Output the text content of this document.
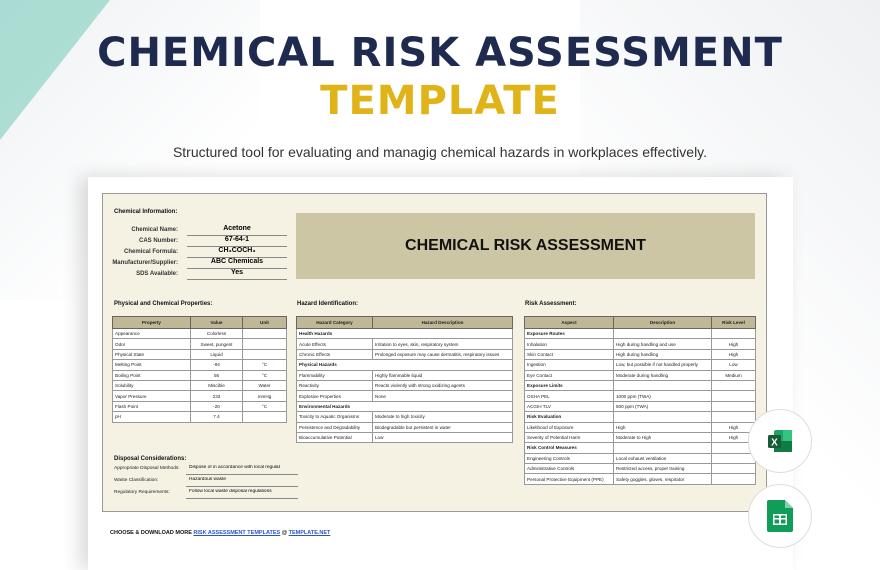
CHEMICAL RISK ASSESSMENT
TEMPLATE
Structured tool for evaluating and managig chemical hazards in workplaces effectively.
Chemical Information:
Chemical Name:	Acetone
CAS Number:	67-64-1
Chemical Formula:	CH₃COCH₃
Manufacturer/Supplier:	ABC Chemicals
SDS Available:	Yes
CHEMICAL RISK ASSESSMENT
Physical and Chemical Properties:
Property	Value	Unit
Appearance	Colorless	
Odor	Sweet, pungent	
Physical State	Liquid	
Melting Point	-94	°C
Boiling Point	56	°C
Solubility	Miscible	Water
Vapor Pressure	233	mmHg
Flash Point	-20	°C
pH	7.4	
Hazard Identification:
Hazard Category	Hazard Description
Health Hazards	
Acute Effects	Irritation to eyes, skin, respiratory system
Chronic Effects	Prolonged exposure may cause dermatitis, respiratory issues
Physical Hazards	
Flammability	Highly flammable liquid
Reactivity	Reacts violently with strong oxidizing agents
Explosive Properties	None
Environmental Hazards	
Toxicity to Aquatic Organisms	Moderate to high toxicity
Persistence and Degradability	Biodegradable but persistent in water
Bioaccumulative Potential	Low
Risk Assessment:
Aspect	Description	Risk Level
Exposure Routes		
Inhalation	High during handling and use	High
Skin Contact	High during handling	High
Ingestion	Low, but possible if not handled properly	Low
Eye Contact	Moderate during handling	Medium
Exposure Limits		
OSHA PEL	1000 ppm (TWA)	
ACGIH TLV	500 ppm (TWA)	
Risk Evaluation		
Likelihood of Exposure	High	High
Severity of Potential Harm	Moderate to High	High
Risk Control Measures		
Engineering Controls	Local exhaust ventilation	
Administrative Controls	Restricted access, proper training	
Personal Protective Equipment (PPE)	Safety goggles, gloves, respirator	
Disposal Considerations:
Appropriate Disposal Methods:	Dispose of in accordance with local regulat
Waste Classification:	Hazardous waste
Regulatory Requirements:	Follow local waste disposal regulations
CHOOSE & DOWNLOAD MORE RISK ASSESSMENT TEMPLATES @ TEMPLATE.NET
X
